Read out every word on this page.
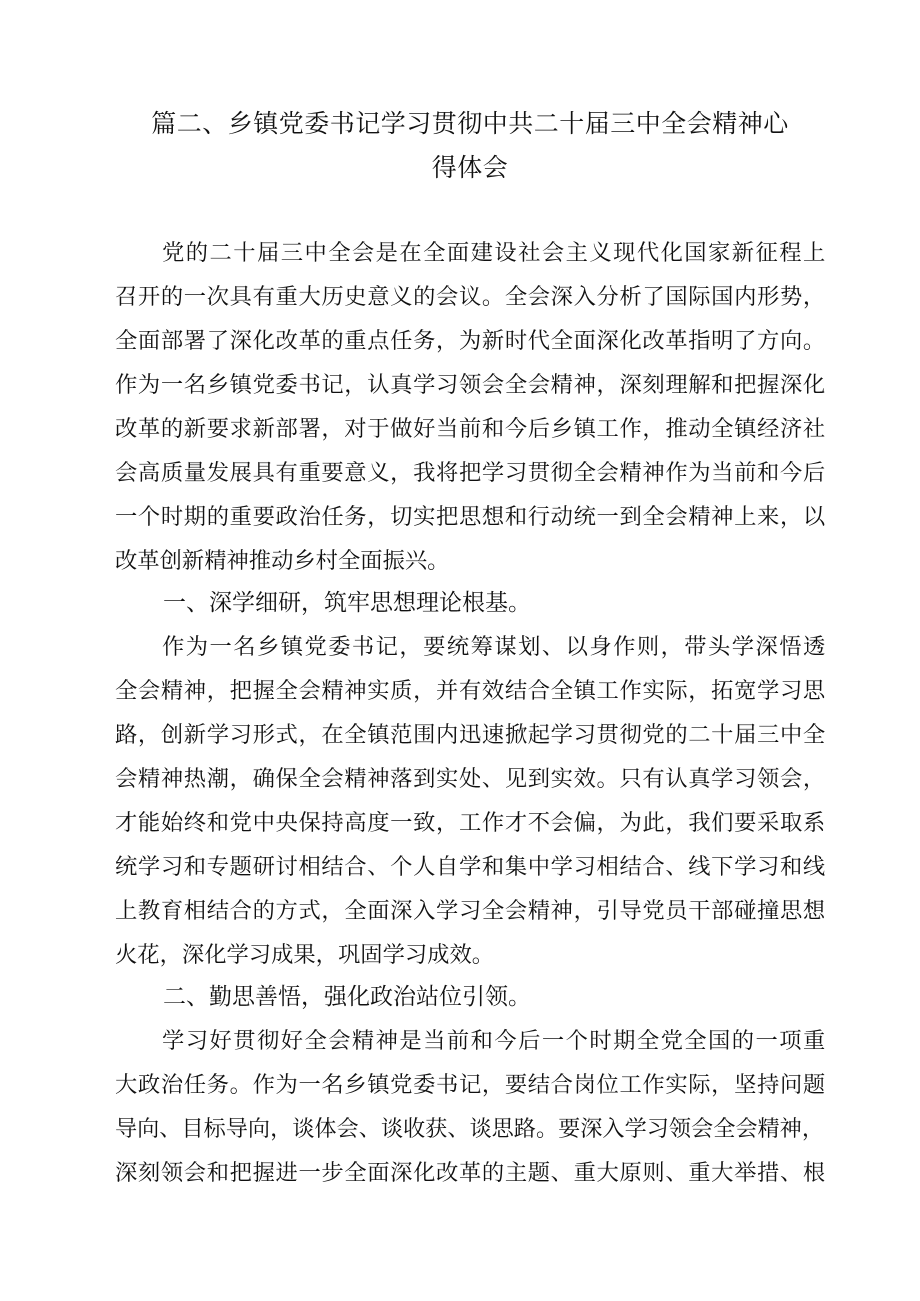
篇二、乡镇党委书记学习贯彻中共二十届三中全会精神心
得体会
党的二十届三中全会是在全面建设社会主义现代化国家新征程上
召开的一次具有重大历史意义的会议。全会深入分析了国际国内形势，
全面部署了深化改革的重点任务，为新时代全面深化改革指明了方向。
作为一名乡镇党委书记，认真学习领会全会精神，深刻理解和把握深化
改革的新要求新部署，对于做好当前和今后乡镇工作，推动全镇经济社
会高质量发展具有重要意义，我将把学习贯彻全会精神作为当前和今后
一个时期的重要政治任务，切实把思想和行动统一到全会精神上来，以
改革创新精神推动乡村全面振兴。
一、深学细研，筑牢思想理论根基。
作为一名乡镇党委书记，要统筹谋划、以身作则，带头学深悟透
全会精神，把握全会精神实质，并有效结合全镇工作实际，拓宽学习思
路，创新学习形式，在全镇范围内迅速掀起学习贯彻党的二十届三中全
会精神热潮，确保全会精神落到实处、见到实效。只有认真学习领会，
才能始终和党中央保持高度一致，工作才不会偏，为此，我们要采取系
统学习和专题研讨相结合、个人自学和集中学习相结合、线下学习和线
上教育相结合的方式，全面深入学习全会精神，引导党员干部碰撞思想
火花，深化学习成果，巩固学习成效。
二、勤思善悟，强化政治站位引领。
学习好贯彻好全会精神是当前和今后一个时期全党全国的一项重
大政治任务。作为一名乡镇党委书记，要结合岗位工作实际，坚持问题
导向、目标导向，谈体会、谈收获、谈思路。要深入学习领会全会精神，
深刻领会和把握进一步全面深化改革的主题、重大原则、重大举措、根
